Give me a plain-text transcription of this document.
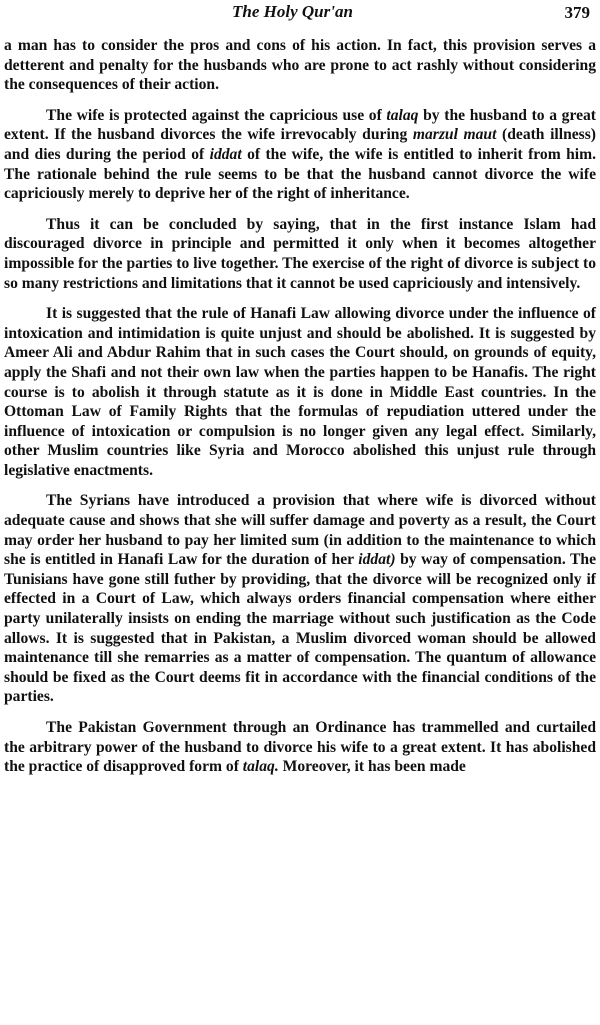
The Holy Qur'an	379

a man has to consider the pros and cons of his action. In fact, this provision serves a detterent and penalty for the husbands who are prone to act rashly without considering the consequences of their action.

The wife is protected against the capricious use of talaq by the husband to a great extent. If the husband divorces the wife irrevocably during marzul maut (death illness) and dies during the period of iddat of the wife, the wife is entitled to inherit from him. The rationale behind the rule seems to be that the husband cannot divorce the wife capriciously merely to deprive her of the right of inheritance.

Thus it can be concluded by saying, that in the first instance Islam had discouraged divorce in principle and permitted it only when it becomes altogether impossible for the parties to live together. The exercise of the right of divorce is subject to so many restrictions and limitations that it cannot be used capriciously and intensively.

It is suggested that the rule of Hanafi Law allowing divorce under the influence of intoxication and intimidation is quite unjust and should be abolished. It is suggested by Ameer Ali and Abdur Rahim that in such cases the Court should, on grounds of equity, apply the Shafi and not their own law when the parties happen to be Hanafis. The right course is to abolish it through statute as it is done in Middle East countries. In the Ottoman Law of Family Rights that the formulas of repudiation uttered under the influence of intoxication or compulsion is no longer given any legal effect. Similarly, other Muslim countries like Syria and Morocco abolished this unjust rule through legislative enactments.

The Syrians have introduced a provision that where wife is divorced without adequate cause and shows that she will suffer damage and poverty as a result, the Court may order her husband to pay her limited sum (in addition to the maintenance to which she is entitled in Hanafi Law for the duration of her iddat) by way of compensation. The Tunisians have gone still futher by providing, that the divorce will be recognized only if effected in a Court of Law, which always orders financial compensation where either party unilaterally insists on ending the marriage without such justification as the Code allows. It is suggested that in Pakistan, a Muslim divorced woman should be allowed maintenance till she remarries as a matter of compensation. The quantum of allowance should be fixed as the Court deems fit in accordance with the financial conditions of the parties.

The Pakistan Government through an Ordinance has trammelled and curtailed the arbitrary power of the husband to divorce his wife to a great extent. It has abolished the practice of disapproved form of talaq. Moreover, it has been made
